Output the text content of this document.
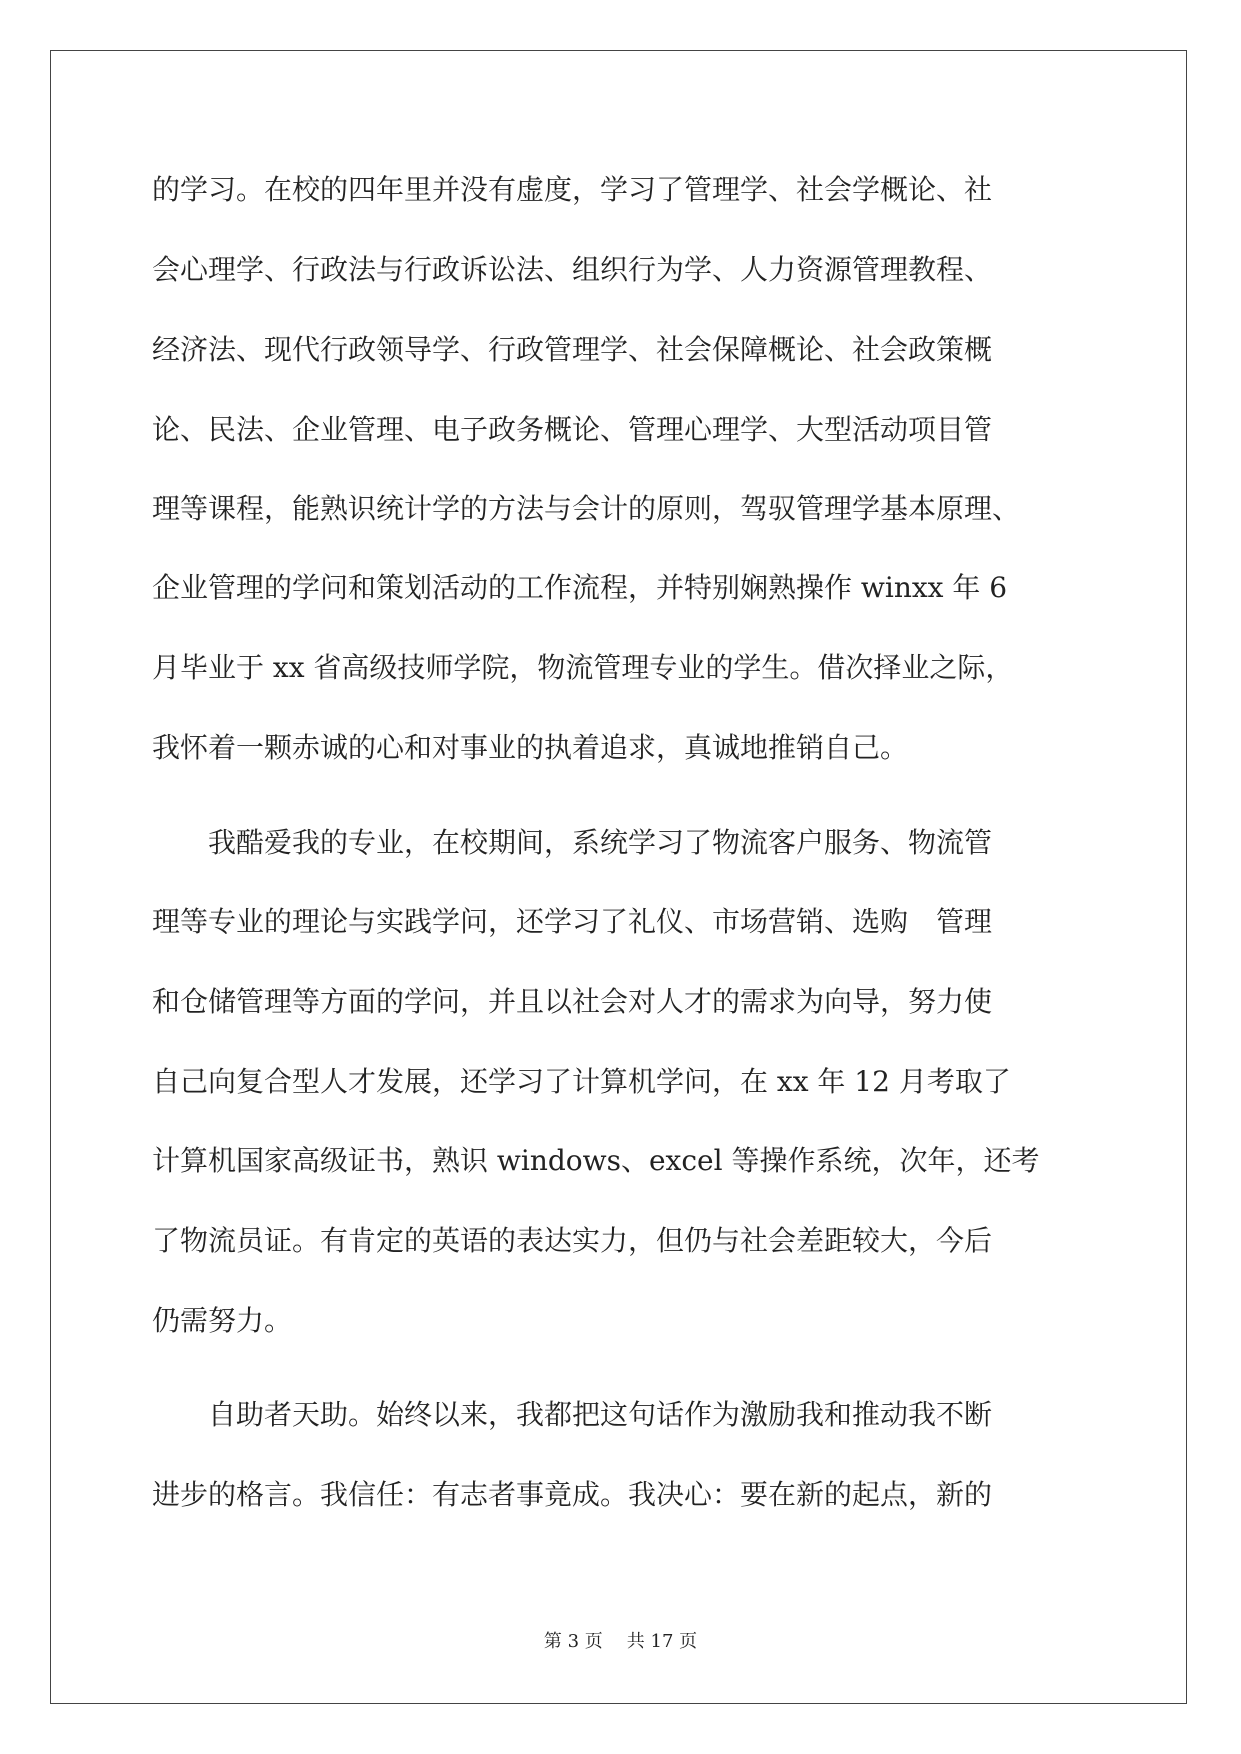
的学习。在校的四年里并没有虚度，学习了管理学、社会学概论、社

会心理学、行政法与行政诉讼法、组织行为学、人力资源管理教程、

经济法、现代行政领导学、行政管理学、社会保障概论、社会政策概

论、民法、企业管理、电子政务概论、管理心理学、大型活动项目管

理等课程，能熟识统计学的方法与会计的原则，驾驭管理学基本原理、

企业管理的学问和策划活动的工作流程，并特别娴熟操作 winxx 年 6

月毕业于 xx 省高级技师学院，物流管理专业的学生。借次择业之际，

我怀着一颗赤诚的心和对事业的执着追求，真诚地推销自己。

　　我酷爱我的专业，在校期间，系统学习了物流客户服务、物流管

理等专业的理论与实践学问，还学习了礼仪、市场营销、选购　管理

和仓储管理等方面的学问，并且以社会对人才的需求为向导，努力使

自己向复合型人才发展，还学习了计算机学问，在 xx 年 12 月考取了

计算机国家高级证书，熟识 windows、excel 等操作系统，次年，还考

了物流员证。有肯定的英语的表达实力，但仍与社会差距较大，今后

仍需努力。

　　自助者天助。始终以来，我都把这句话作为激励我和推动我不断

进步的格言。我信任：有志者事竟成。我决心：要在新的起点，新的

第 3 页 共 17 页
